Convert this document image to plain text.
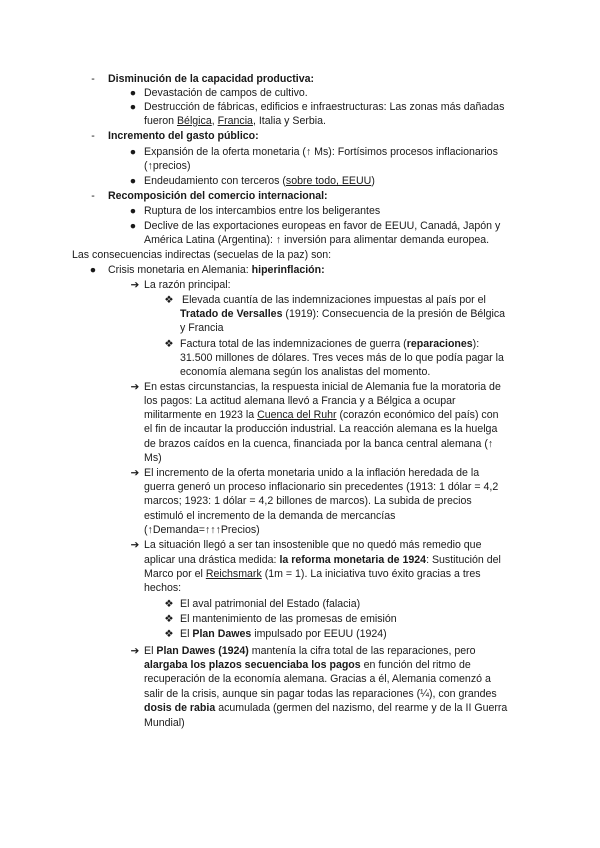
-	Disminución de la capacidad productiva:
● Devastación de campos de cultivo.
● Destrucción de fábricas, edificios e infraestructuras: Las zonas más dañadas
fueron Bélgica, Francia, Italia y Serbia.
-	Incremento del gasto público:
● Expansión de la oferta monetaria (↑ Ms): Fortísimos procesos inflacionarios
(↑precios)
● Endeudamiento con terceros (sobre todo, EEUU)
-	Recomposición del comercio internacional:
● Ruptura de los intercambios entre los beligerantes
● Declive de las exportaciones europeas en favor de EEUU, Canadá, Japón y
América Latina (Argentina): ↑ inversión para alimentar demanda europea.
Las consecuencias indirectas (secuelas de la paz) son:
●	Crisis monetaria en Alemania: hiperinflación:
➔ La razón principal:
❖ Elevada cuantía de las indemnizaciones impuestas al país por el
Tratado de Versalles (1919): Consecuencia de la presión de Bélgica
y Francia
❖ Factura total de las indemnizaciones de guerra (reparaciones):
31.500 millones de dólares. Tres veces más de lo que podía pagar la
economía alemana según los analistas del momento.
➔ En estas circunstancias, la respuesta inicial de Alemania fue la moratoria de
los pagos: La actitud alemana llevó a Francia y a Bélgica a ocupar
militarmente en 1923 la Cuenca del Ruhr (corazón económico del país) con
el fin de incautar la producción industrial. La reacción alemana es la huelga
de brazos caídos en la cuenca, financiada por la banca central alemana (↑
Ms)
➔ El incremento de la oferta monetaria unido a la inflación heredada de la
guerra generó un proceso inflacionario sin precedentes (1913: 1 dólar = 4,2
marcos; 1923: 1 dólar = 4,2 billones de marcos). La subida de precios
estimuló el incremento de la demanda de mercancías
(↑Demanda=↑↑↑Precios)
➔ La situación llegó a ser tan insostenible que no quedó más remedio que
aplicar una drástica medida: la reforma monetaria de 1924: Sustitución del
Marco por el Reichsmark (1m = 1). La iniciativa tuvo éxito gracias a tres
hechos:
❖ El aval patrimonial del Estado (falacia)
❖ El mantenimiento de las promesas de emisión
❖ El Plan Dawes impulsado por EEUU (1924)
➔ El Plan Dawes (1924) mantenía la cifra total de las reparaciones, pero
alargaba los plazos secuenciaba los pagos en función del ritmo de
recuperación de la economía alemana. Gracias a él, Alemania comenzó a
salir de la crisis, aunque sin pagar todas las reparaciones (¼), con grandes
dosis de rabia acumulada (germen del nazismo, del rearme y de la II Guerra
Mundial)
